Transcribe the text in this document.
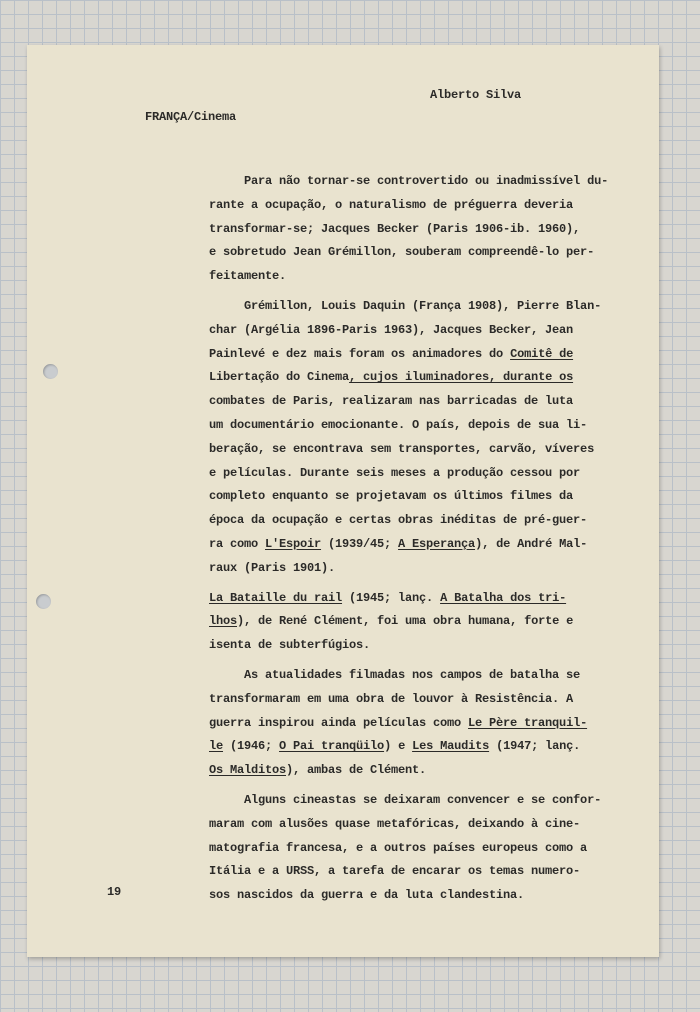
Alberto Silva
FRANÇA/Cinema
Para não tornar-se controvertido ou inadmissível du-
rante a ocupação, o naturalismo de préguerra deveria
transformar-se; Jacques Becker (Paris 1906-ib. 1960),
e sobretudo Jean Grémillon, souberam compreendê-lo per-
feitamente.
Grémillon, Louis Daquin (França 1908), Pierre Blan-
char (Argélia 1896-Paris 1963), Jacques Becker, Jean
Painlevé e dez mais foram os animadores do Comitê de
Libertação do Cinema, cujos iluminadores, durante os
combates de Paris, realizaram nas barricadas de luta
um documentário emocionante. O país, depois de sua li-
beração, se encontrava sem transportes, carvão, víveres
e películas. Durante seis meses a produção cessou por
completo enquanto se projetavam os últimos filmes da
época da ocupação e certas obras inéditas de pré-guer-
ra como L'Espoir (1939/45; A Esperança), de André Mal-
raux (Paris 1901).
La Bataille du rail (1945; lanç. A Batalha dos tri-
lhos), de René Clément, foi uma obra humana, forte e
isenta de subterfúgios.
As atualidades filmadas nos campos de batalha se
transformaram em uma obra de louvor à Resistência. A
guerra inspirou ainda películas como Le Père tranquil-
le (1946; O Pai tranqüilo) e Les Maudits (1947; lanç.
Os Malditos), ambas de Clément.
Alguns cineastas se deixaram convencer e se confor-
maram com alusões quase metafóricas, deixando à cine-
matografia francesa, e a outros países europeus como a
Itália e a URSS, a tarefa de encarar os temas numero-
sos nascidos da guerra e da luta clandestina.
19
